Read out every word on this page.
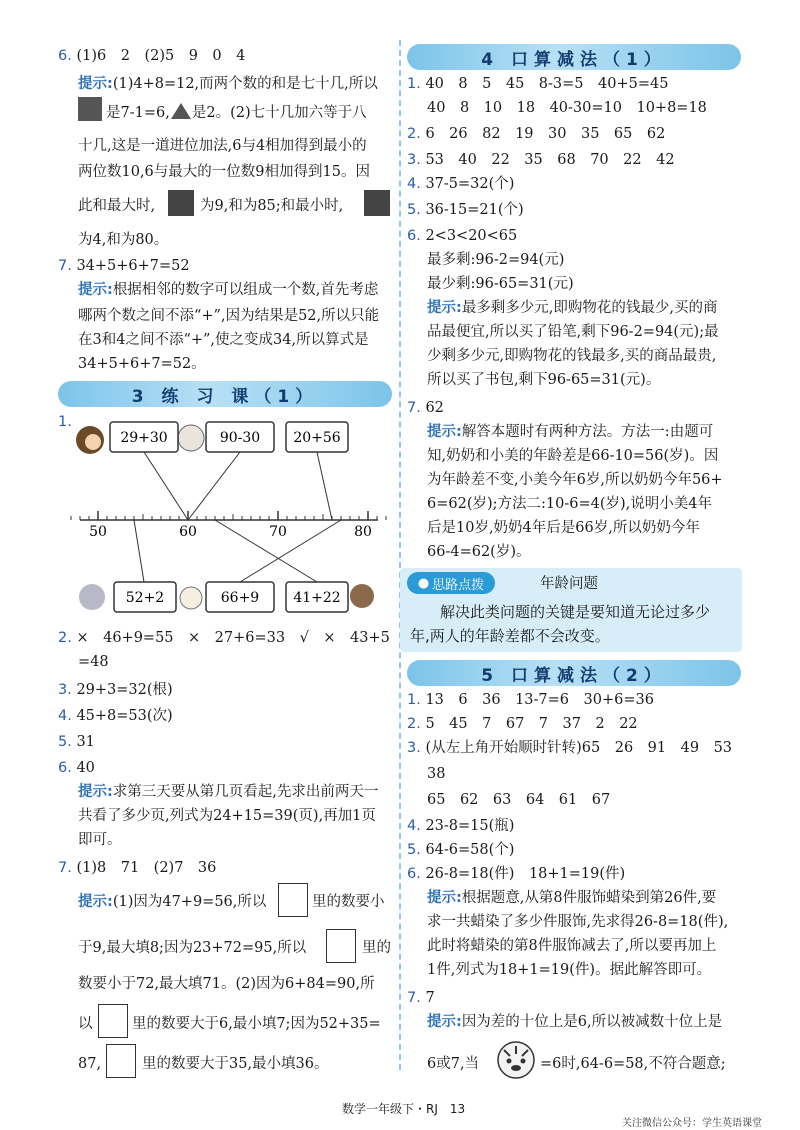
6. (1)6　2　(2)5　9　0　4
提示:(1)4+8=12,而两个数的和是七十几,所以
是7-1=6, 是2。(2)七十几加六等于八
十几,这是一道进位加法,6与4相加得到最小的
两位数10,6与最大的一位数9相加得到15。因
此和最大时,	为9,和为85;和最小时,
为4,和为80。
7. 34+5+6+7=52
提示:根据相邻的数字可以组成一个数,首先考虑
哪两个数之间不添“+”,因为结果是52,所以只能
在3和4之间不添“+”,使之变成34,所以算式是
34+5+6+7=52。
3 练 习 课（1）
1.
29+30	90-30 20+56
50	60	70	80
52+2	66+9 41+22
2. ×　46+9=55　×　27+6=33　√　×　43+5
=48
3. 29+3=32(根)
4. 45+8=53(次)
5. 31
6. 40
提示:求第三天要从第几页看起,先求出前两天一
共看了多少页,列式为24+15=39(页),再加1页
即可。
7. (1)8　71　(2)7　36
提示:(1)因为47+9=56,所以	里的数要小
于9,最大填8;因为23+72=95,所以	里的
数要小于72,最大填71。(2)因为6+84=90,所
以	里的数要大于6,最小填7;因为52+35=
87,	里的数要大于35,最小填36。
4 口算减法（1）
1. 40　8　5　45　8-3=5　40+5=45
40　8　10　18　40-30=10　10+8=18
2. 6　26　82　19　30　35　65　62
3. 53　40　22　35　68　70　22　42
4. 37-5=32(个)
5. 36-15=21(个)
6. 2<3<20<65
最多剩:96-2=94(元)
最少剩:96-65=31(元)
提示:最多剩多少元,即购物花的钱最少,买的商
品最便宜,所以买了铅笔,剩下96-2=94(元);最
少剩多少元,即购物花的钱最多,买的商品最贵,
所以买了书包,剩下96-65=31(元)。
7. 62
提示:解答本题时有两种方法。方法一:由题可
知,奶奶和小美的年龄差是66-10=56(岁)。因
为年龄差不变,小美今年6岁,所以奶奶今年56+
6=62(岁);方法二:10-6=4(岁),说明小美4年
后是10岁,奶奶4年后是66岁,所以奶奶今年
66-4=62(岁)。
● 思路点拨	年龄问题
解决此类问题的关键是要知道无论过多少
年,两人的年龄差都不会改变。
5 口算减法（2）
1. 13　6　36　13-7=6　30+6=36
2. 5　45　7　67　7　37　2　22
3. (从左上角开始顺时针转)65　26　91　49　53
38
65　62　63　64　61　67
4. 23-8=15(瓶)
5. 64-6=58(个)
6. 26-8=18(件)　18+1=19(件)
提示:根据题意,从第8件服饰蜡染到第26件,要
求一共蜡染了多少件服饰,先求得26-8=18(件),
此时将蜡染的第8件服饰减去了,所以要再加上
1件,列式为18+1=19(件)。据此解答即可。
7. 7
提示:因为差的十位上是6,所以被减数十位上是
6或7,当	=6时,64-6=58,不符合题意;
数学一年级下・RJ　13
关注微信公众号：学生英语课堂
